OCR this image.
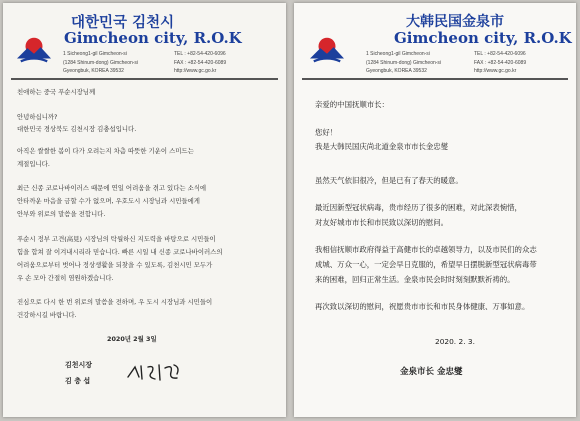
대한민국 김천시
Gimcheon city, R.O.K
1 Sicheong1-gil Gimcheon-si
(1284 Shinum-dong) Gimcheon-si
Gyeongbuk, KOREA 39532
TEL : +82-54-420-6096
FAX : +82-54-420-6089
http://www.gc.go.kr
친애하는 중국 푸순시장님께
안녕하십니까?
대한민국 경상북도 김천시장 김충섭입니다.
아직은 쌀쌀한 봄이 다가 오려는지 차츰 따뜻한 기운이 스미드는
계절입니다.
최근 신종 코로나바이러스 때문에 연일 어려움을 겪고 있다는 소식에
안타까운 마음을 금할 수가 없으며, 우호도시 시장님과 시민들에게
안부와 위로의 말씀을 전합니다.
푸순시 정부 고견(高見) 시장님의 탁월하신 지도력을 바탕으로 시민들이
힘을 합쳐 잘 이겨내시리라 믿습니다. 빠른 시일 내 신종 코로나바이러스의
어려움으로부터 벗어나 정상생활을 되찾을 수 있도록, 김천시민 모두가
우 손 모아 간절히 염원하겠습니다.
진심으로 다시 한 번 위로의 말씀을 전하며, 우 도시 시장님과 시민들이
건강하시길 바랍니다.
2020년 2월 3일
김천시장
김 충 섭
大韩民国金泉市
Gimcheon city, R.O.K
1 Sicheong1-gil Gimcheon-si
(1284 Shinum-dong) Gimcheon-si
Gyeongbuk, KOREA 39532
TEL : +82-54-420-6096
FAX : +82-54-420-6089
http://www.gc.go.kr
亲爱的中国抚顺市长：
您好！
我是大韩民国庆尚北道金泉市市长金忠燮
虽然天气依旧很冷，但是已有了春天的暖意。
最近因新型冠状病毒，贵市经历了很多的困难，对此深表惋惜，
对友好城市市长和市民致以深切的慰问。
我相信抚顺市政府得益于高健市长的卓越领导力，以及市民们的众志
成城、万众一心，一定会早日克服的，希望早日摆脱新型冠状病毒带
来的困难，回归正常生活。金泉市民会时时刻刻默默祈祷的。
再次致以深切的慰问，祝愿贵市市长和市民身体健康、万事如意。
2020. 2. 3.
金泉市长 金忠燮
